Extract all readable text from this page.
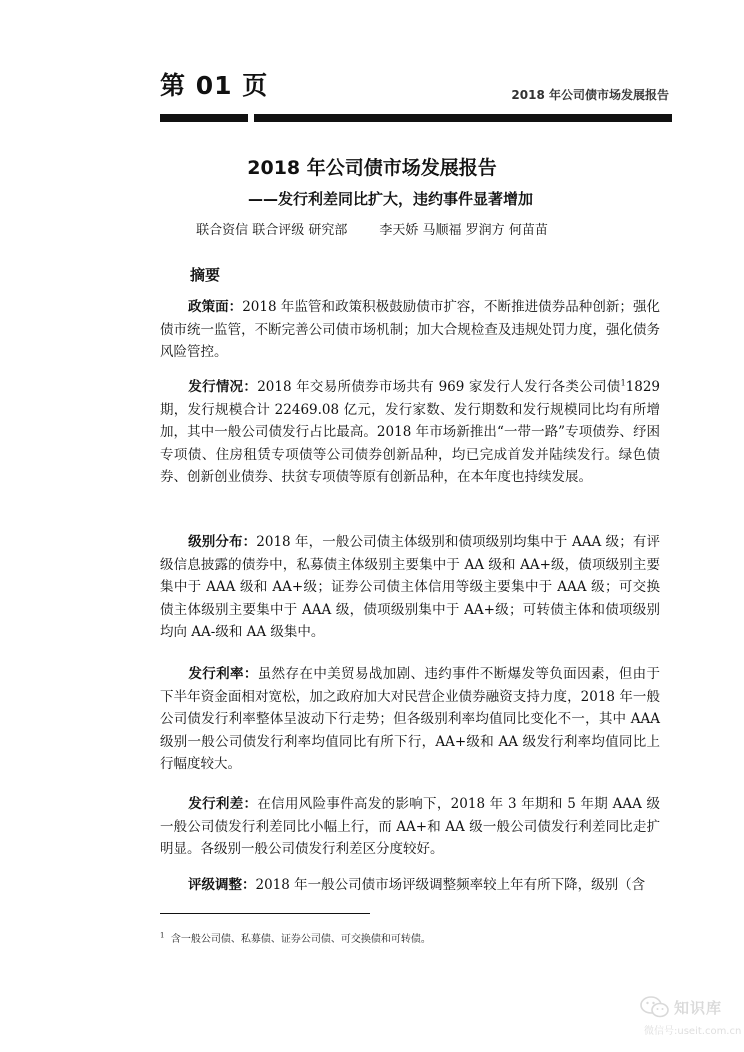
第 01 页	2018 年公司债市场发展报告
2018 年公司债市场发展报告
——发行利差同比扩大，违约事件显著增加
联合资信 联合评级 研究部 李天娇 马顺福 罗润方 何苗苗
摘要

政策面：2018 年监管和政策积极鼓励债市扩容，不断推进债券品种创新；强化债市统一监管，不断完善公司债市场机制；加大合规检查及违规处罚力度，强化债务风险管控。

发行情况：2018 年交易所债券市场共有 969 家发行人发行各类公司债$^1$1829 期，发行规模合计 22469.08 亿元，发行家数、发行期数和发行规模同比均有所增加，其中一般公司债发行占比最高。2018 年市场新推出“一带一路”专项债券、纾困专项债、住房租赁专项债等公司债券创新品种，均已完成首发并陆续发行。绿色债券、创新创业债券、扶贫专项债等原有创新品种，在本年度也持续发展。

级别分布：2018 年，一般公司债主体级别和债项级别均集中于 AAA 级；有评级信息披露的债券中，私募债主体级别主要集中于 AA 级和 AA+级，债项级别主要集中于 AAA 级和 AA+级；证券公司债主体信用等级主要集中于 AAA 级；可交换债主体级别主要集中于 AAA 级，债项级别集中于 AA+级；可转债主体和债项级别均向 AA-级和 AA 级集中。

发行利率：虽然存在中美贸易战加剧、违约事件不断爆发等负面因素，但由于下半年资金面相对宽松，加之政府加大对民营企业债券融资支持力度，2018 年一般公司债发行利率整体呈波动下行走势；但各级别利率均值同比变化不一，其中 AAA 级别一般公司债发行利率均值同比有所下行，AA+级和 AA 级发行利率均值同比上行幅度较大。

发行利差：在信用风险事件高发的影响下，2018 年 3 年期和 5 年期 AAA 级一般公司债发行利差同比小幅上行，而 AA+和 AA 级一般公司债发行利差同比走扩明显。各级别一般公司债发行利差区分度较好。

评级调整：2018 年一般公司债市场评级调整频率较上年有所下降，级别（含

$^1$ 含一般公司债、私募债、证券公司债、可交换债和可转债。
知识库
微信号:useit.com.cn
